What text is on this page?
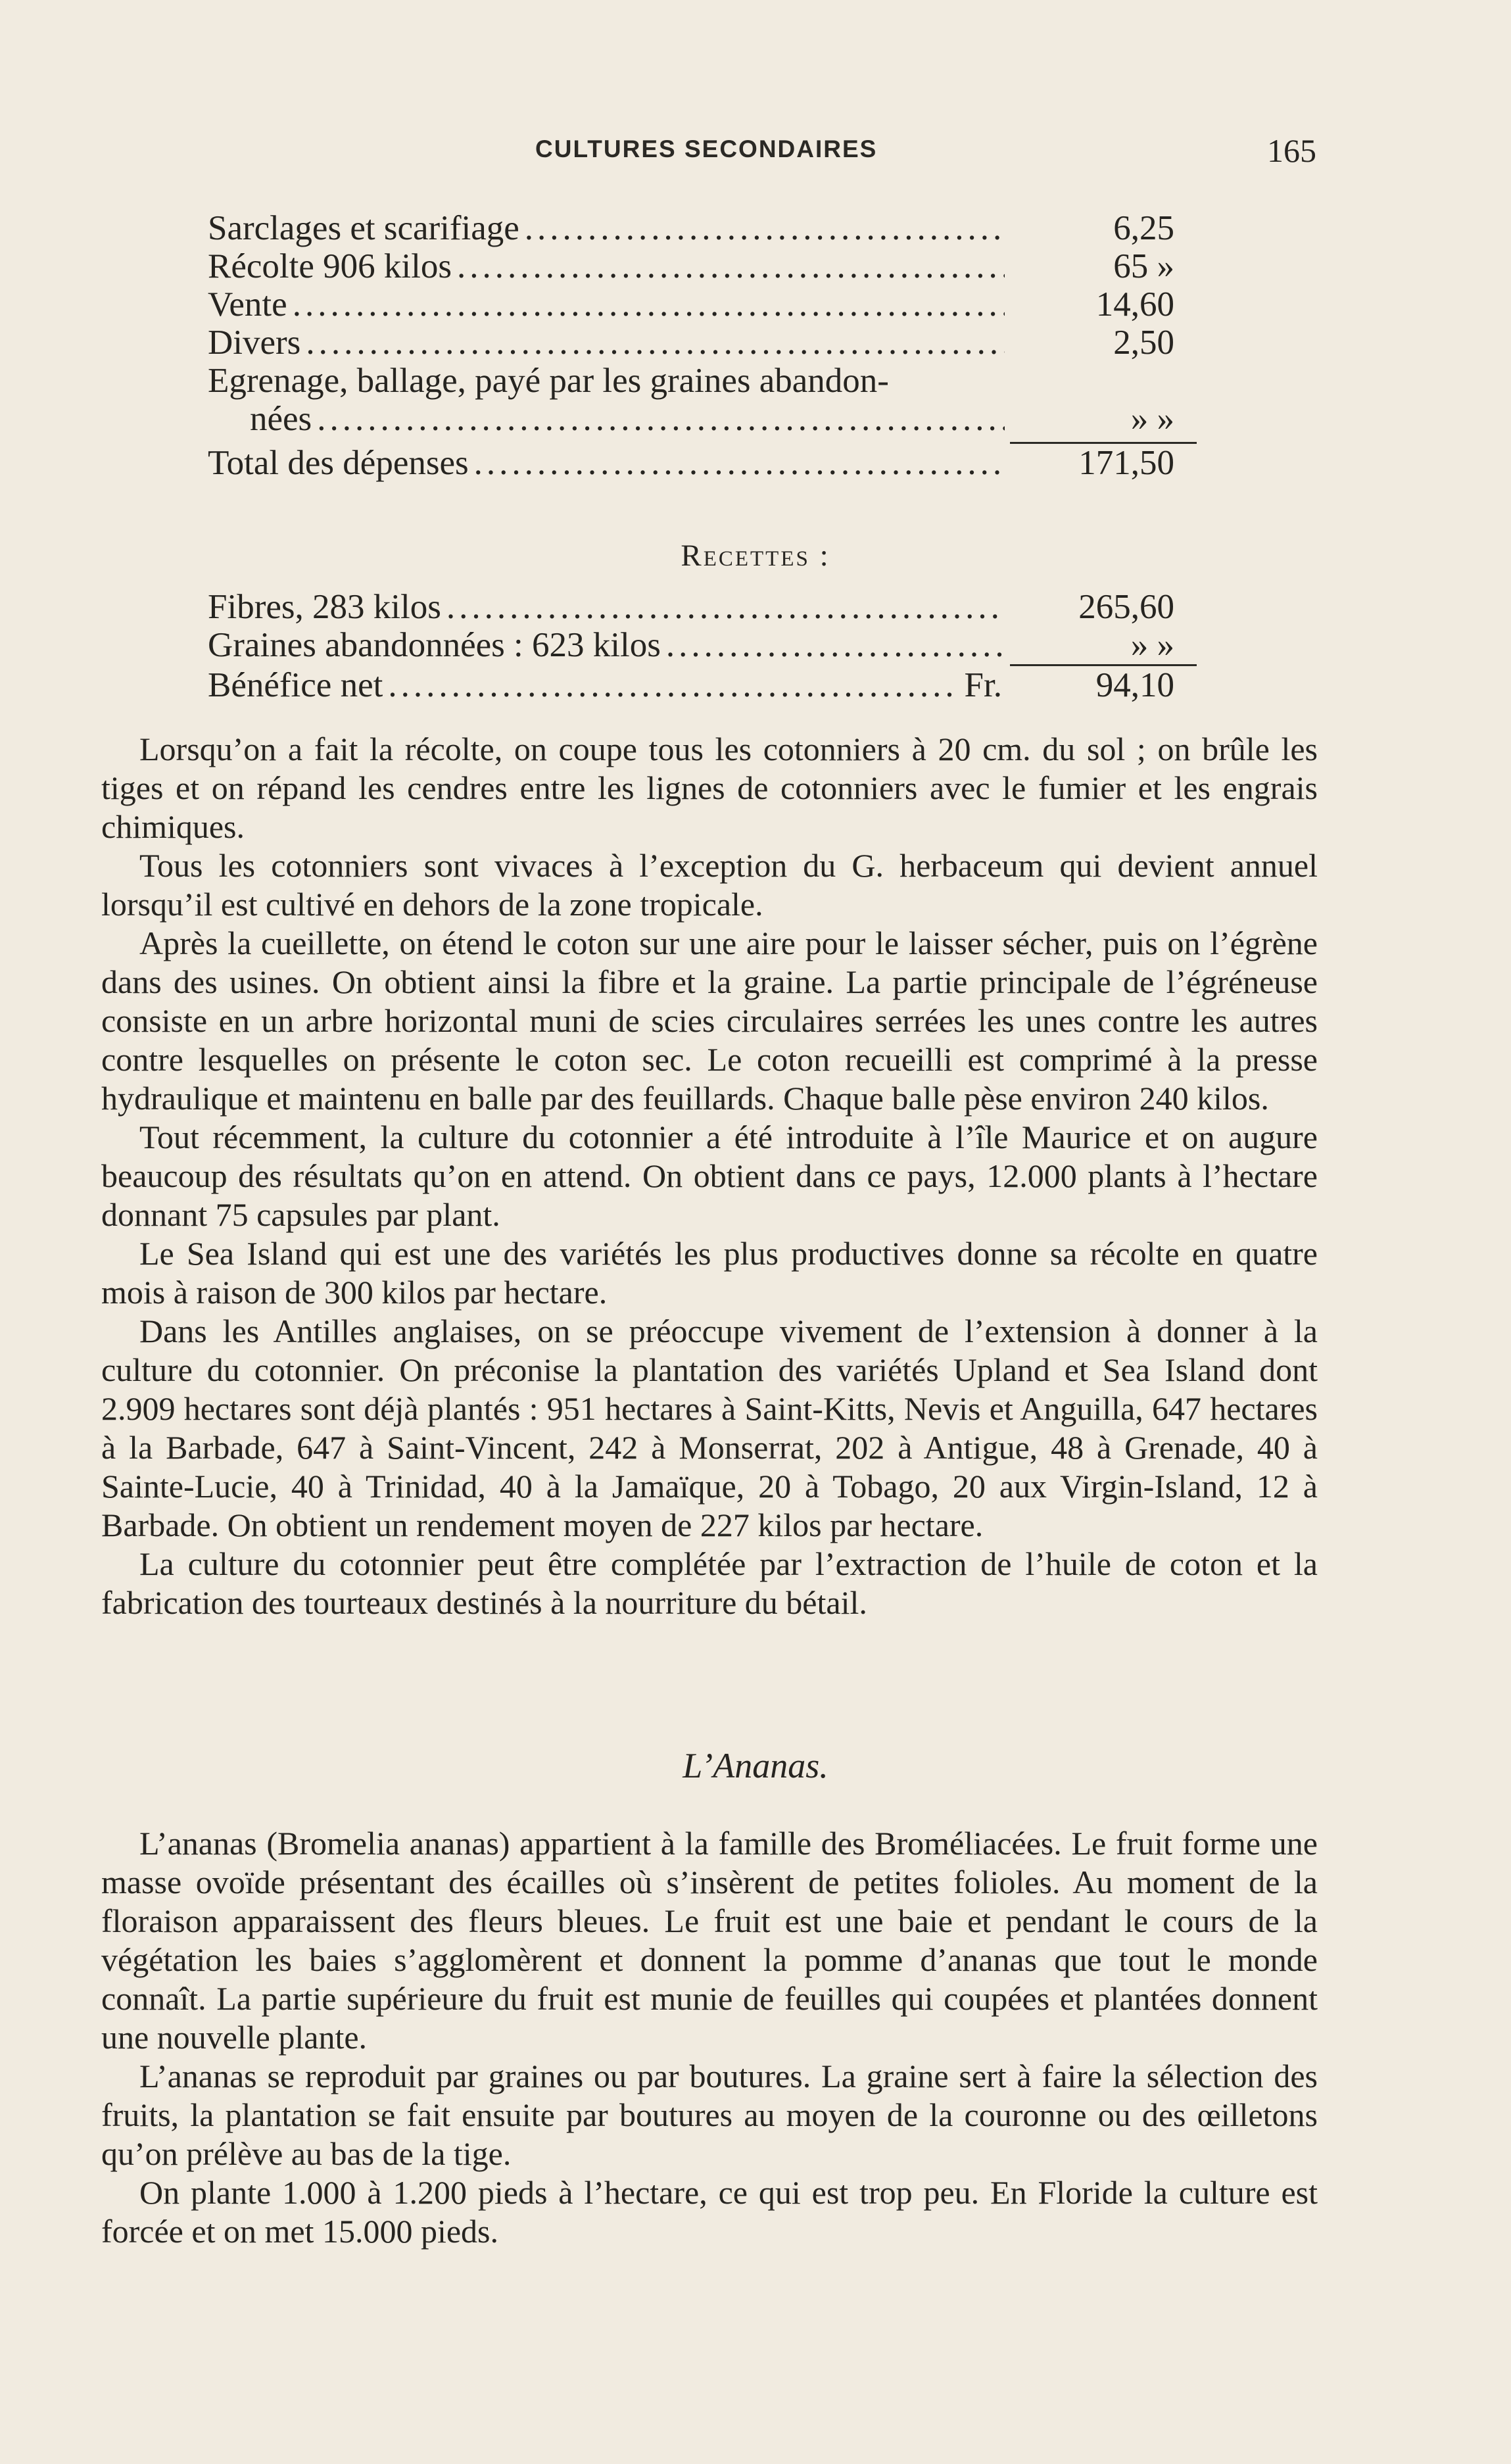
CULTURES SECONDAIRES	165
Sarclages et scarifiage .....	6,25
Récolte 906 kilos .....	65 »
Vente .....	14,60
Divers .....	2,50
Egrenage, ballage, payé par les graines abandon-
nées .....	» »
Total des dépenses .....	171,50
Recettes :
Fibres, 283 kilos .....	265,60
Graines abandonnées : 623 kilos .....	» »
Bénéfice net .....	Fr.	94,10

Lorsqu’on a fait la récolte, on coupe tous les cotonniers à 20 cm. du sol ; on brûle les tiges et on répand les cendres entre les lignes de cotonniers avec le fumier et les engrais chimiques.

Tous les cotonniers sont vivaces à l’exception du G. herbaceum qui devient annuel lorsqu’il est cultivé en dehors de la zone tropicale.

Après la cueillette, on étend le coton sur une aire pour le laisser sécher, puis on l’égrène dans des usines. On obtient ainsi la fibre et la graine. La partie principale de l’égréneuse consiste en un arbre horizontal muni de scies circulaires serrées les unes contre les autres contre lesquelles on présente le coton sec. Le coton recueilli est comprimé à la presse hydraulique et maintenu en balle par des feuillards. Chaque balle pèse environ 240 kilos.

Tout récemment, la culture du cotonnier a été introduite à l’île Maurice et on augure beaucoup des résultats qu’on en attend. On obtient dans ce pays, 12.000 plants à l’hectare donnant 75 capsules par plant.

Le Sea Island qui est une des variétés les plus productives donne sa récolte en quatre mois à raison de 300 kilos par hectare.

Dans les Antilles anglaises, on se préoccupe vivement de l’extension à donner à la culture du cotonnier. On préconise la plantation des variétés Upland et Sea Island dont 2.909 hectares sont déjà plantés : 951 hectares à Saint-Kitts, Nevis et Anguilla, 647 hectares à la Barbade, 647 à Saint-Vincent, 242 à Monserrat, 202 à Antigue, 48 à Grenade, 40 à Sainte-Lucie, 40 à Trinidad, 40 à la Jamaïque, 20 à Tobago, 20 aux Virgin-Island, 12 à Barbade. On obtient un rendement moyen de 227 kilos par hectare.

La culture du cotonnier peut être complétée par l’extraction de l’huile de coton et la fabrication des tourteaux destinés à la nourriture du bétail.

L’Ananas.

L’ananas (Bromelia ananas) appartient à la famille des Broméliacées. Le fruit forme une masse ovoïde présentant des écailles où s’insèrent de petites folioles. Au moment de la floraison apparaissent des fleurs bleues. Le fruit est une baie et pendant le cours de la végétation les baies s’agglomèrent et donnent la pomme d’ananas que tout le monde connaît. La partie supérieure du fruit est munie de feuilles qui coupées et plantées donnent une nouvelle plante.

L’ananas se reproduit par graines ou par boutures. La graine sert à faire la sélection des fruits, la plantation se fait ensuite par boutures au moyen de la couronne ou des œilletons qu’on prélève au bas de la tige.

On plante 1.000 à 1.200 pieds à l’hectare, ce qui est trop peu. En Floride la culture est forcée et on met 15.000 pieds.
